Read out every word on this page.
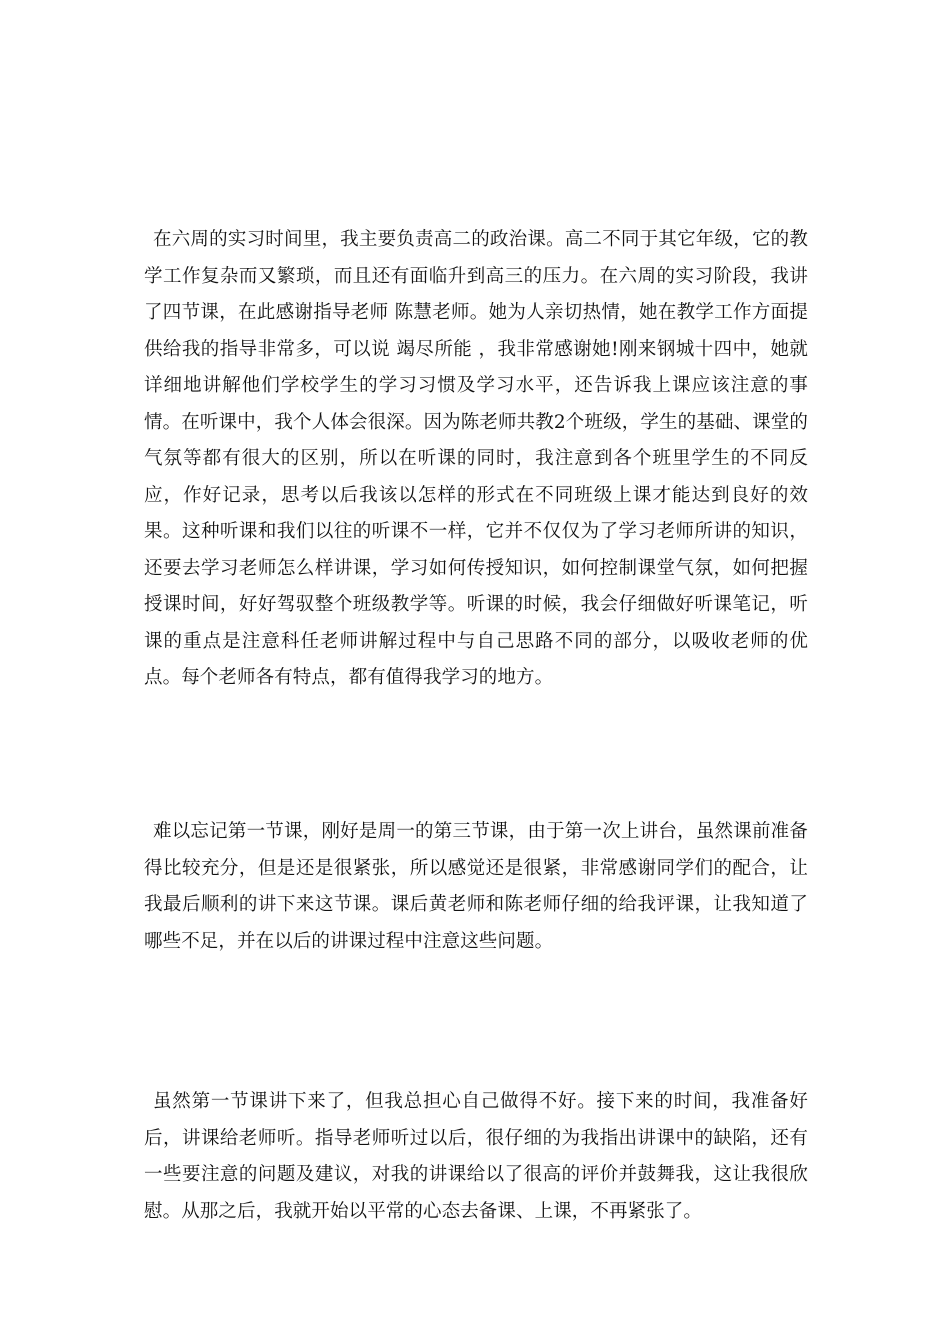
在六周的实习时间里，我主要负责高二的政治课。高二不同于其它年级，它的教学工作复杂而又繁琐，而且还有面临升到高三的压力。在六周的实习阶段，我讲了四节课，在此感谢指导老师 陈慧老师。她为人亲切热情，她在教学工作方面提供给我的指导非常多，可以说 竭尽所能 ，我非常感谢她!刚来钢城十四中，她就详细地讲解他们学校学生的学习习惯及学习水平，还告诉我上课应该注意的事情。在听课中，我个人体会很深。因为陈老师共教2个班级，学生的基础、课堂的气氛等都有很大的区别，所以在听课的同时，我注意到各个班里学生的不同反应，作好记录，思考以后我该以怎样的形式在不同班级上课才能达到良好的效果。这种听课和我们以往的听课不一样，它并不仅仅为了学习老师所讲的知识，还要去学习老师怎么样讲课，学习如何传授知识，如何控制课堂气氛，如何把握授课时间，好好驾驭整个班级教学等。听课的时候，我会仔细做好听课笔记，听课的重点是注意科任老师讲解过程中与自己思路不同的部分，以吸收老师的优点。每个老师各有特点，都有值得我学习的地方。

难以忘记第一节课，刚好是周一的第三节课，由于第一次上讲台，虽然课前准备得比较充分，但是还是很紧张，所以感觉还是很紧，非常感谢同学们的配合，让我最后顺利的讲下来这节课。课后黄老师和陈老师仔细的给我评课，让我知道了哪些不足，并在以后的讲课过程中注意这些问题。

虽然第一节课讲下来了，但我总担心自己做得不好。接下来的时间，我准备好后，讲课给老师听。指导老师听过以后，很仔细的为我指出讲课中的缺陷，还有一些要注意的问题及建议，对我的讲课给以了很高的评价并鼓舞我，这让我很欣慰。从那之后，我就开始以平常的心态去备课、上课，不再紧张了。
